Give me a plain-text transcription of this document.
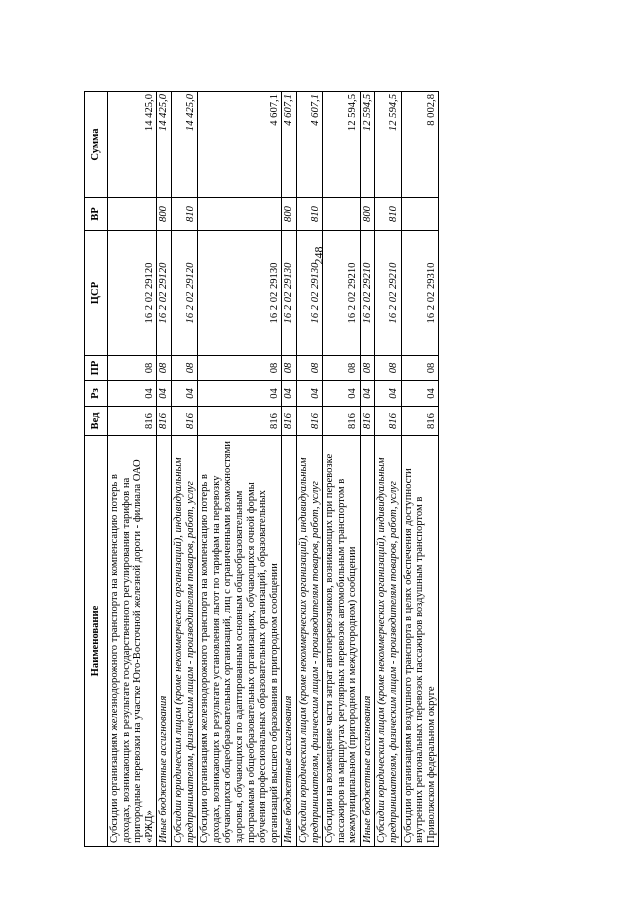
248
Наименование	Вед	Рз	ПР	ЦСР	ВР	Сумма
Субсидии организациям железнодорожного транспорта на компенсацию потерь в доходах, возникающих в результате государственного регулирования тарифов на пригородные перевозки на участке Юго-Восточной железной дороги - филиала ОАО «РЖД»	816	04	08	16 2 02 29120		14 425,0
Иные бюджетные ассигнования	816	04	08	16 2 02 29120	800	14 425,0
Субсидии юридическим лицам (кроме некоммерческих организаций), индивидуальным предпринимателям, физическим лицам - производителям товаров, работ, услуг	816	04	08	16 2 02 29120	810	14 425,0
Субсидии организациям железнодорожного транспорта на компенсацию потерь в доходах, возникающих в результате установления льгот по тарифам на перевозку обучающихся общеобразовательных организаций, лиц с ограниченными возможностями здоровья, обучающихся по адаптированным основным общеобразовательным программам в общеобразовательных организациях, обучающихся очной формы обучения профессиональных образовательных организаций, образовательных организаций высшего образования в пригородном сообщении	816	04	08	16 2 02 29130		4 607,1
Иные бюджетные ассигнования	816	04	08	16 2 02 29130	800	4 607,1
Субсидии юридическим лицам (кроме некоммерческих организаций), индивидуальным предпринимателям, физическим лицам - производителям товаров, работ, услуг	816	04	08	16 2 02 29130	810	4 607,1
Субсидии на возмещение части затрат автоперевозчиков, возникающих при перевозке пассажиров на маршрутах регулярных перевозок автомобильным транспортом в межмуниципальном (пригородном и междугородном) сообщении	816	04	08	16 2 02 29210		12 594,5
Иные бюджетные ассигнования	816	04	08	16 2 02 29210	800	12 594,5
Субсидии юридическим лицам (кроме некоммерческих организаций), индивидуальным предпринимателям, физическим лицам - производителям товаров, работ, услуг	816	04	08	16 2 02 29210	810	12 594,5
Субсидии организациям воздушного транспорта в целях обеспечения доступности внутренних региональных перевозок пассажиров воздушным транспортом в Приволжском федеральном округе	816	04	08	16 2 02 29310		8 002,8
